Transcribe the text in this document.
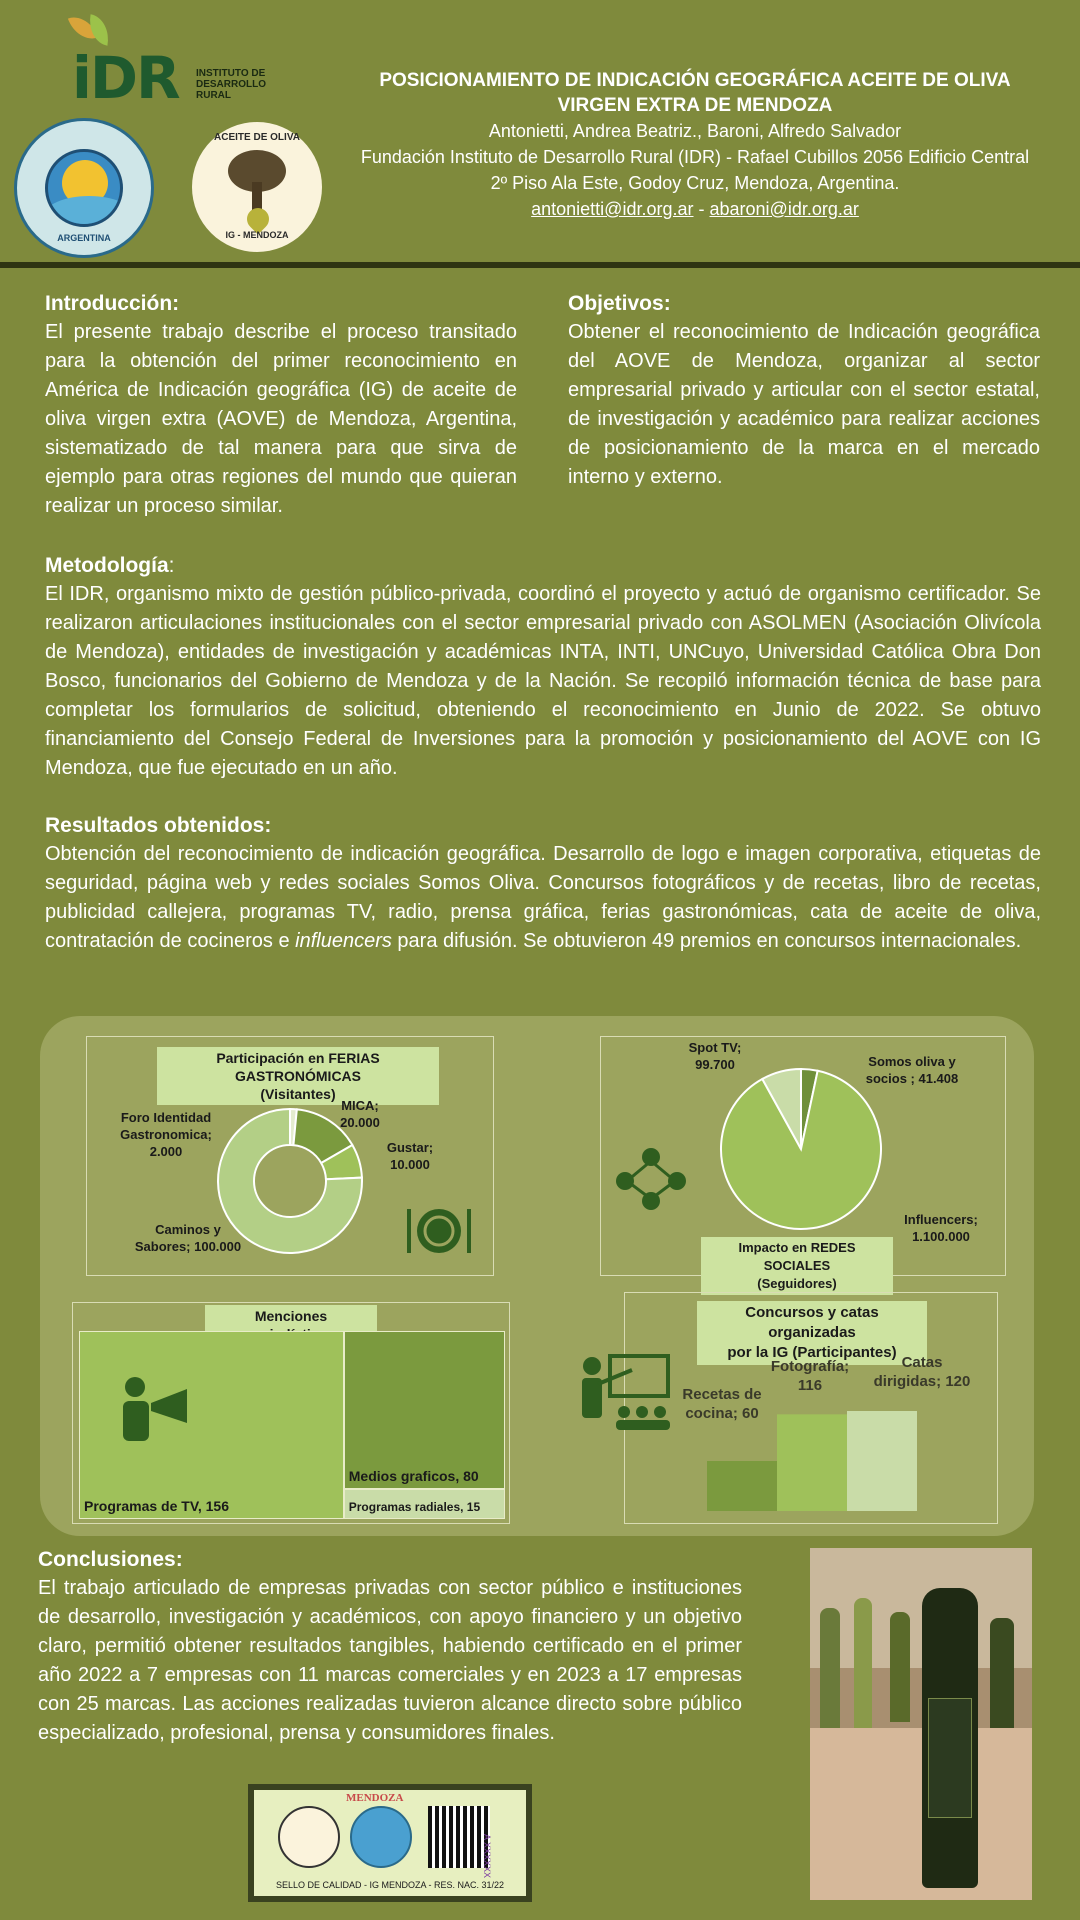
iDR INSTITUTO DE
DESARROLLO
RURAL
ARGENTINA
ACEITE DE OLIVA
IG - MENDOZA
POSICIONAMIENTO DE INDICACIÓN GEOGRÁFICA ACEITE DE OLIVA
VIRGEN EXTRA DE MENDOZA
Antonietti, Andrea Beatriz., Baroni, Alfredo Salvador
Fundación Instituto de Desarrollo Rural (IDR) - Rafael Cubillos 2056 Edificio Central
2º Piso Ala Este, Godoy Cruz, Mendoza, Argentina.
antonietti@idr.org.ar - abaroni@idr.org.ar
Introducción:
El presente trabajo describe el proceso transitado para la obtención del primer reconocimiento en América de Indicación geográfica (IG) de aceite de oliva virgen extra (AOVE) de Mendoza, Argentina, sistematizado de tal manera para que sirva de ejemplo para otras regiones del mundo que quieran realizar un proceso similar.
Objetivos:
Obtener el reconocimiento de Indicación geográfica del AOVE de Mendoza, organizar al sector empresarial privado y articular con el sector estatal, de investigación y académico para realizar acciones de posicionamiento de la marca en el mercado interno y externo.
Metodología:
El IDR, organismo mixto de gestión público-privada, coordinó el proyecto y actuó de organismo certificador. Se realizaron articulaciones institucionales con el sector empresarial privado con ASOLMEN (Asociación Olivícola de Mendoza), entidades de investigación y académicas INTA, INTI, UNCuyo, Universidad Católica Obra Don Bosco, funcionarios del Gobierno de Mendoza y de la Nación. Se recopiló información técnica de base para completar los formularios de solicitud, obteniendo el reconocimiento en Junio de 2022. Se obtuvo financiamiento del Consejo Federal de Inversiones para la promoción y posicionamiento del AOVE con IG Mendoza, que fue ejecutado en un año.
Resultados obtenidos:
Obtención del reconocimiento de indicación geográfica. Desarrollo de logo e imagen corporativa, etiquetas de seguridad, página web y redes sociales Somos Oliva. Concursos fotográficos y de recetas, libro de recetas, publicidad callejera, programas TV, radio, prensa gráfica, ferias gastronómicas, cata de aceite de oliva, contratación de cocineros e influencers para difusión. Se obtuvieron 49 premios en concursos internacionales.
Participación en FERIAS GASTRONÓMICAS
(Visitantes)
Foro Identidad
Gastronomica;
2.000
MICA;
20.000
Gustar;
10.000
Caminos y
Sabores; 100.000
Spot TV;
99.700	Somos oliva y
socios ; 41.408
Influencers;
1.100.000
Impacto en REDES SOCIALES
(Seguidores)
Menciones
Programas de TV, 156
Medios graficos, 80
Programas radiales, 15
Concursos y catas organizadas
por la IG (Participantes)
Recetas de
cocina; 60
Fotografía;
116
Catas
dirigidas; 120
Conclusiones:
El trabajo articulado de empresas privadas con sector público e instituciones de desarrollo, investigación y académicos, con apoyo financiero y un objetivo claro, permitió obtener resultados tangibles, habiendo certificado en el primer año 2022 a 7 empresas con 11 marcas comerciales y en 2023 a 17 empresas con 25 marcas. Las acciones realizadas tuvieron alcance directo sobre público especializado, profesional, prensa y consumidores finales.
MENDOZA
A XXXXXX
SELLO DE CALIDAD - IG MENDOZA - RES. NAC. 31/22
